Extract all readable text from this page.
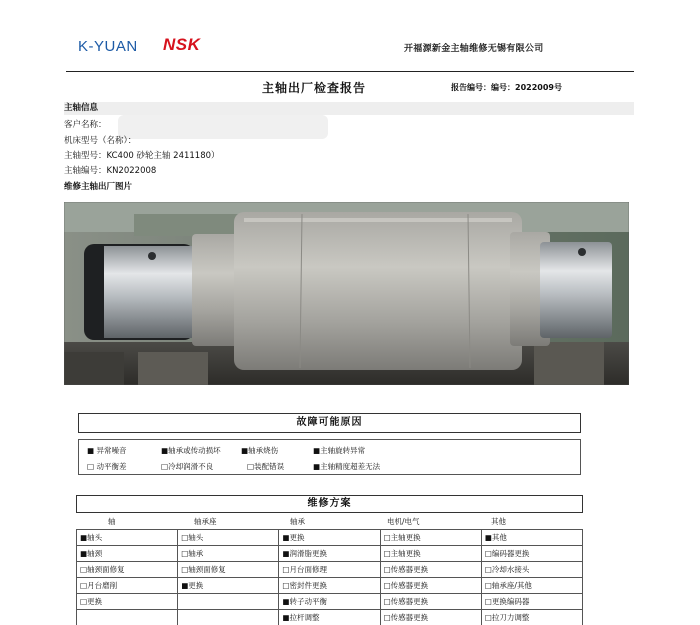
K-YUAN NSK	开福源新金主轴维修无锡有限公司
主轴出厂检查报告	报告编号：编号：2022009号
主轴信息
客户名称：
机床型号（名称）：
主轴型号：KC400 砂轮主轴 2411180）
主轴编号：KN2022008
维修主轴出厂图片
故障可能原因
■ 异常噪音	■轴承或传动损坏	■轴承烧伤	■主轴旋转异常
□ 动平衡差	□冷却润滑不良	□装配错误	■主轴精度超差无法
维修方案
轴	轴承座	轴承	电机/电气	其他
■轴头	□轴头	■更换	□主轴更换	■其他
■轴颈	□轴承	■润滑脂更换	□主轴更换	□编码器更换
□轴颈面修复	□轴颈面修复	□月台面修理	□传感器更换	□冷却水接头
□月台磨削	■更换	□密封件更换	□传感器更换	□轴承座/其他
□更换		■转子动平衡	□传感器更换	□更换编码器
		■拉杆调整	□传感器更换	□拉刀力调整
